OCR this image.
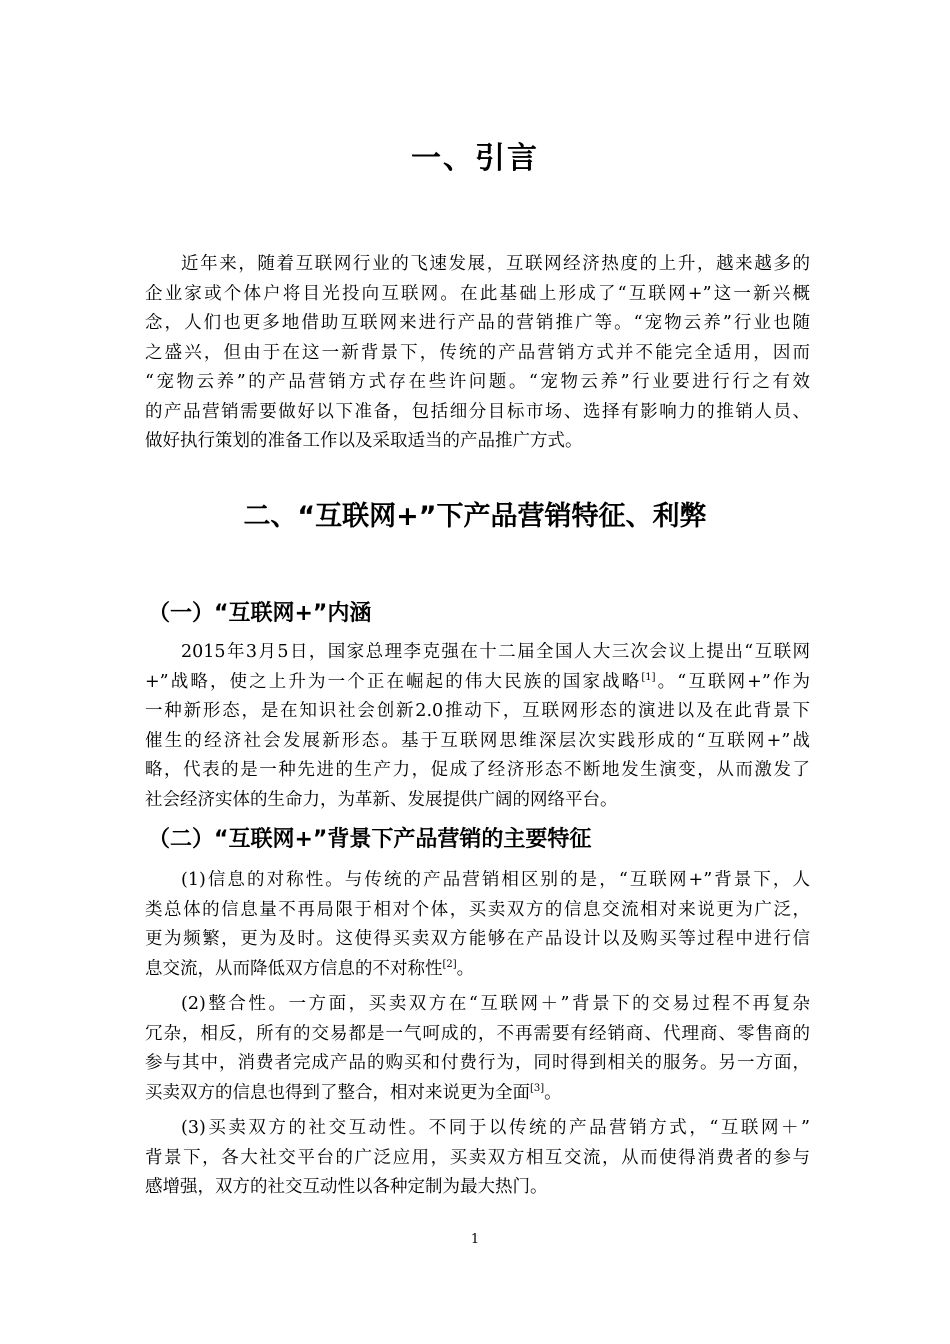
一、引言
近年来，随着互联网行业的飞速发展，互联网经济热度的上升，越来越多的
企业家或个体户将目光投向互联网。在此基础上形成了“互联网+”这一新兴概
念，人们也更多地借助互联网来进行产品的营销推广等。“宠物云养”行业也随
之盛兴，但由于在这一新背景下，传统的产品营销方式并不能完全适用，因而
“宠物云养”的产品营销方式存在些许问题。“宠物云养”行业要进行行之有效
的产品营销需要做好以下准备，包括细分目标市场、选择有影响力的推销人员、
做好执行策划的准备工作以及采取适当的产品推广方式。
二、“互联网+”下产品营销特征、利弊
（一）“互联网+”内涵
2015年3月5日，国家总理李克强在十二届全国人大三次会议上提出“互联网
+”战略，使之上升为一个正在崛起的伟大民族的国家战略[1]。“互联网+”作为
一种新形态，是在知识社会创新2.0推动下，互联网形态的演进以及在此背景下
催生的经济社会发展新形态。基于互联网思维深层次实践形成的“互联网+”战
略，代表的是一种先进的生产力，促成了经济形态不断地发生演变，从而激发了
社会经济实体的生命力，为革新、发展提供广阔的网络平台。
（二）“互联网+”背景下产品营销的主要特征
(1)信息的对称性。与传统的产品营销相区别的是，“互联网+”背景下，人
类总体的信息量不再局限于相对个体，买卖双方的信息交流相对来说更为广泛，
更为频繁，更为及时。这使得买卖双方能够在产品设计以及购买等过程中进行信
息交流，从而降低双方信息的不对称性[2]。
(2)整合性。一方面，买卖双方在“互联网＋”背景下的交易过程不再复杂
冗杂，相反，所有的交易都是一气呵成的，不再需要有经销商、代理商、零售商的
参与其中，消费者完成产品的购买和付费行为，同时得到相关的服务。另一方面，
买卖双方的信息也得到了整合，相对来说更为全面[3]。
(3)买卖双方的社交互动性。不同于以传统的产品营销方式，“互联网＋”
背景下，各大社交平台的广泛应用，买卖双方相互交流，从而使得消费者的参与
感增强，双方的社交互动性以各种定制为最大热门。
1
